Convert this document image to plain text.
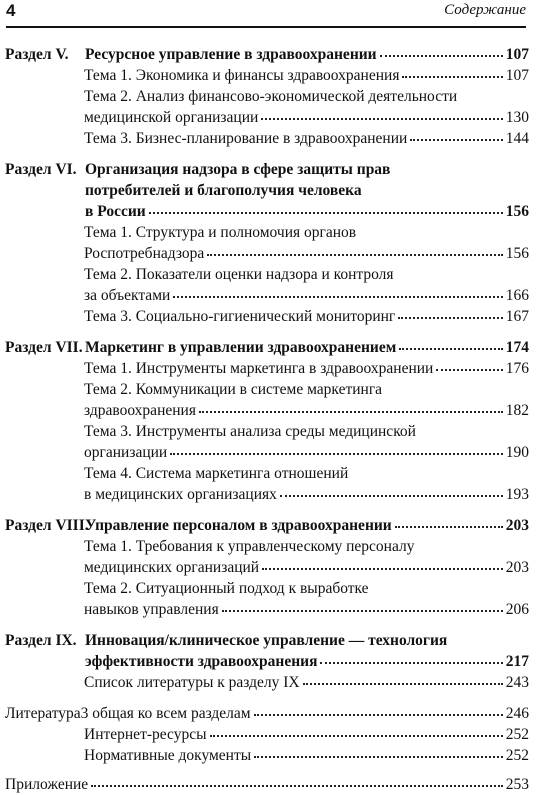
4	Содержание
Раздел V. Ресурсное управление в здравоохранении	107
Тема 1. Экономика и финансы здравоохранения	107
Тема 2. Анализ финансово-экономической деятельности
медицинской организации	130
Тема 3. Бизнес-планирование в здравоохранении	144
Раздел VI. Организация надзора в сфере защиты прав
потребителей и благополучия человека
в России	156
Тема 1. Структура и полномочия органов
Роспотребнадзора	156
Тема 2. Показатели оценки надзора и контроля
за объектами	166
Тема 3. Социально-гигиенический мониторинг	167
Раздел VII. Маркетинг в управлении здравоохранением	174
Тема 1. Инструменты маркетинга в здравоохранении	176
Тема 2. Коммуникации в системе маркетинга
здравоохранения	182
Тема 3. Инструменты анализа среды медицинской
организации	190
Тема 4. Система маркетинга отношений
в медицинских организациях	193
Раздел VIII.
Управление персоналом в здравоохранении	203
Тема 1. Требования к управленческому персоналу
медицинских организаций	203
Тема 2. Ситуационный подход к выработке
навыков управления	206
Раздел IX. Инновация/клиническое управление — технология
эффективности здравоохранения	217
Список литературы к разделу IX	243
Литература3 общая ко всем разделам	246
Интернет-ресурсы	252
Нормативные документы	252
Приложение	253
